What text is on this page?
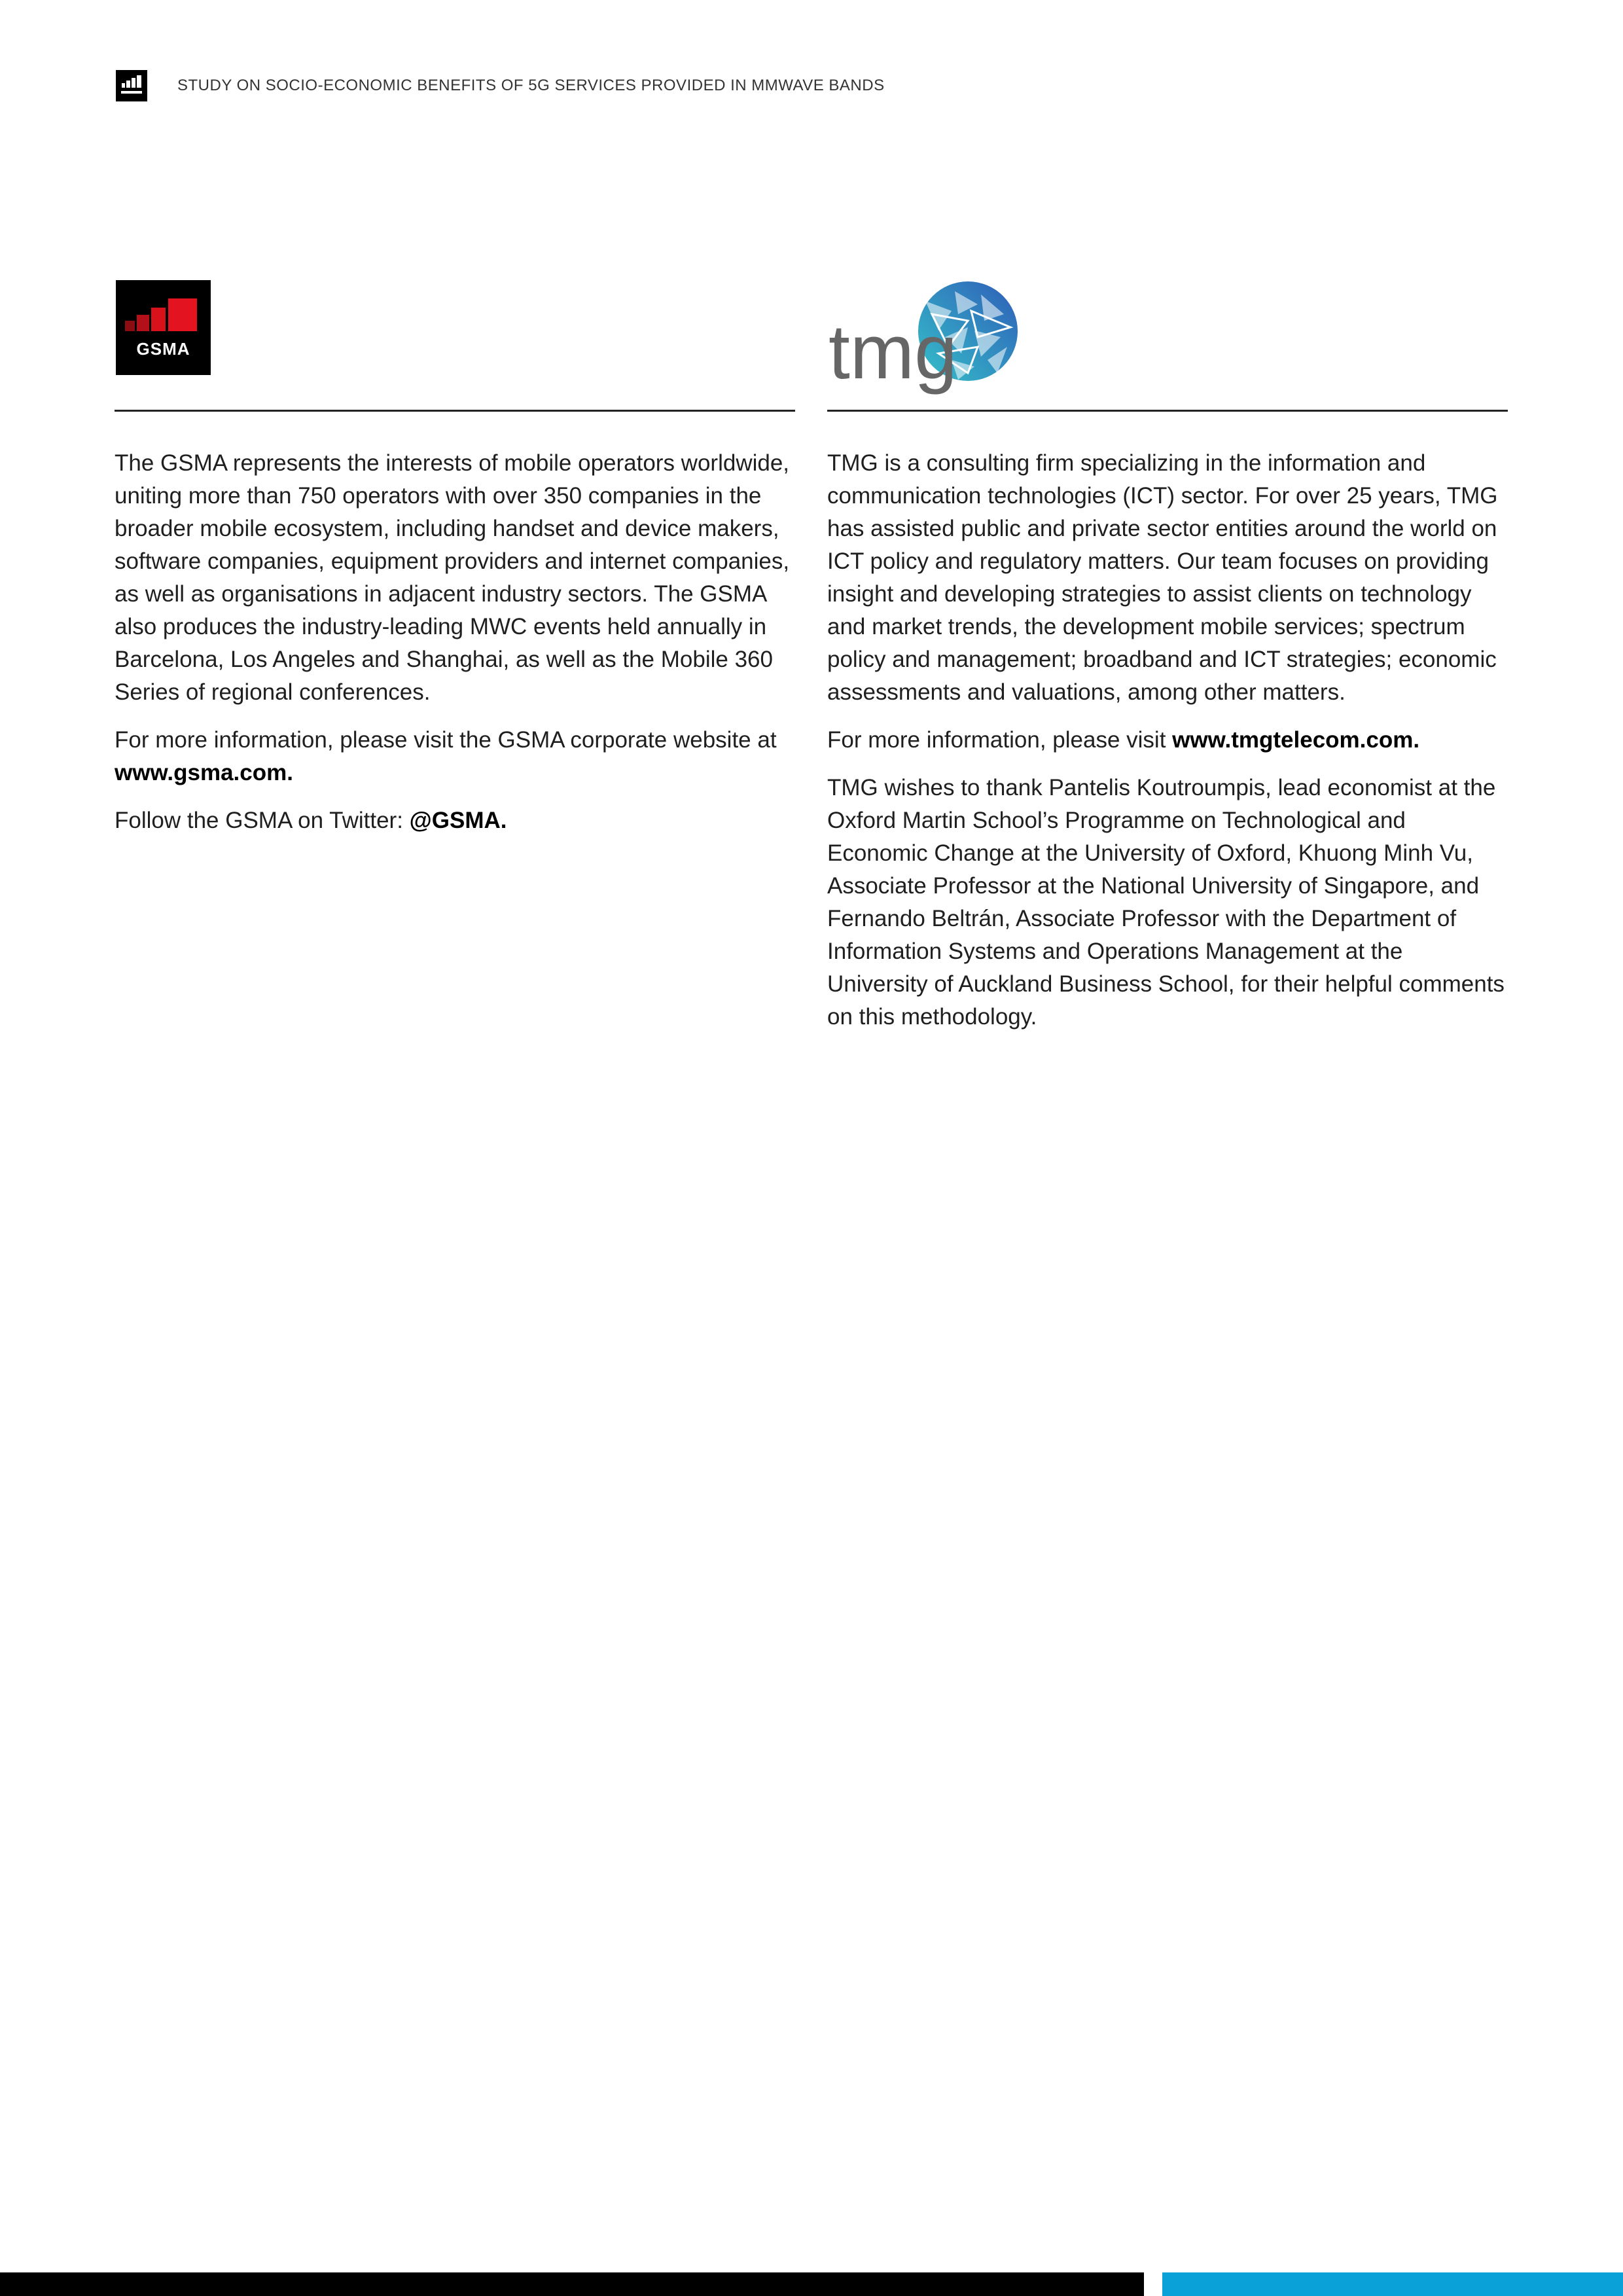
STUDY ON SOCIO-ECONOMIC BENEFITS OF 5G SERVICES PROVIDED IN MMWAVE BANDS
GSMA

The GSMA represents the interests of mobile operators worldwide, uniting more than 750 operators with over 350 companies in the broader mobile ecosystem, including handset and device makers, software companies, equipment providers and internet companies, as well as organisations in adjacent industry sectors. The GSMA also produces the industry-leading MWC events held annually in Barcelona, Los Angeles and Shanghai, as well as the Mobile 360 Series of regional conferences.

For more information, please visit the GSMA corporate website at www.gsma.com.

Follow the GSMA on Twitter: @GSMA.

tmg

TMG is a consulting firm specializing in the information and communication technologies (ICT) sector. For over 25 years, TMG has assisted public and private sector entities around the world on ICT policy and regulatory matters. Our team focuses on providing insight and developing strategies to assist clients on technology and market trends, the development mobile services; spectrum policy and management; broadband and ICT strategies; economic assessments and valuations, among other matters.

For more information, please visit www.tmgtelecom.com.

TMG wishes to thank Pantelis Koutroumpis, lead economist at the Oxford Martin School’s Programme on Technological and Economic Change at the University of Oxford, Khuong Minh Vu, Associate Professor at the National University of Singapore, and Fernando Beltrán, Associate Professor with the Department of Information Systems and Operations Management at the University of Auckland Business School, for their helpful comments on this methodology.
